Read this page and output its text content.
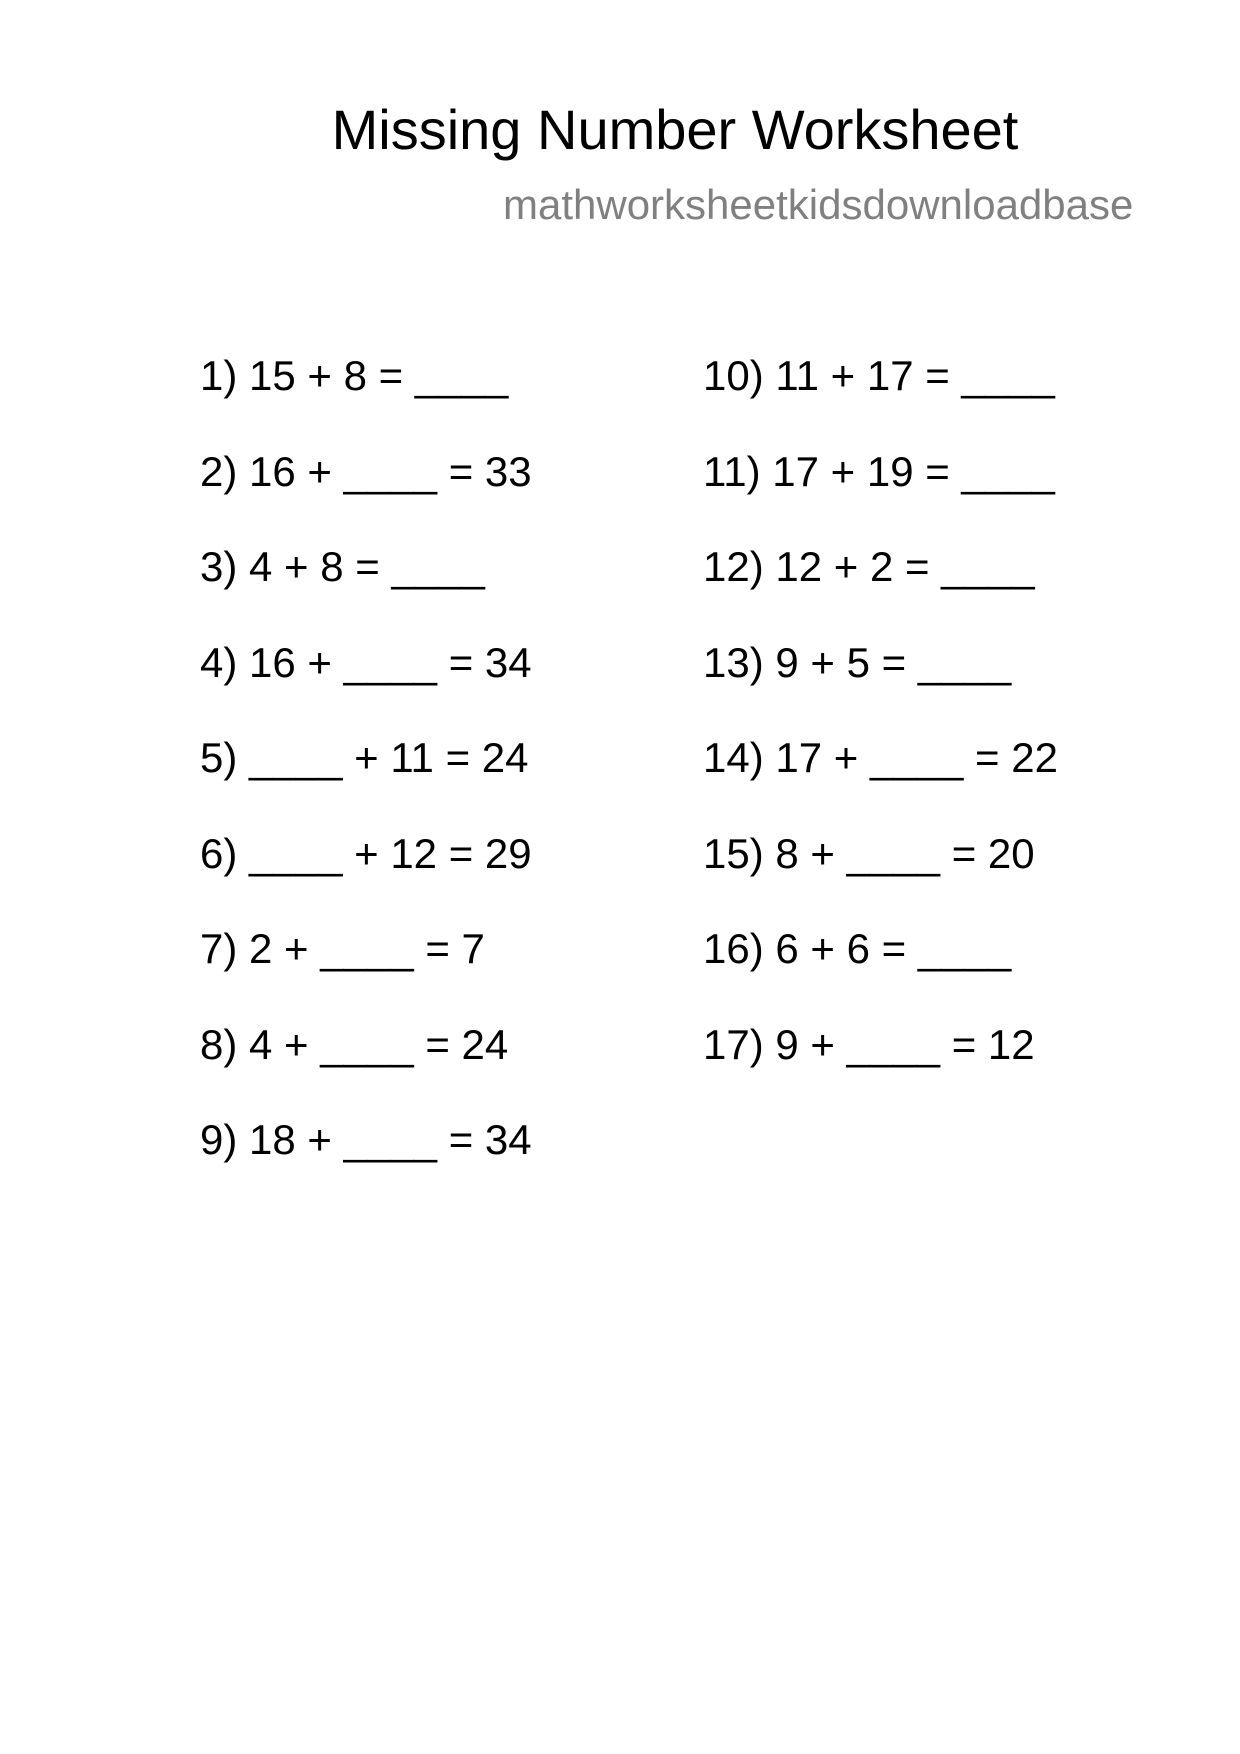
Missing Number Worksheet
mathworksheetkidsdownloadbase
1) 15 + 8 = ____
2) 16 + ____ = 33
3) 4 + 8 = ____
4) 16 + ____ = 34
5) ____ + 11 = 24
6) ____ + 12 = 29
7) 2 + ____ = 7
8) 4 + ____ = 24
9) 18 + ____ = 34
10) 11 + 17 = ____
11) 17 + 19 = ____
12) 12 + 2 = ____
13) 9 + 5 = ____
14) 17 + ____ = 22
15) 8 + ____ = 20
16) 6 + 6 = ____
17) 9 + ____ = 12
